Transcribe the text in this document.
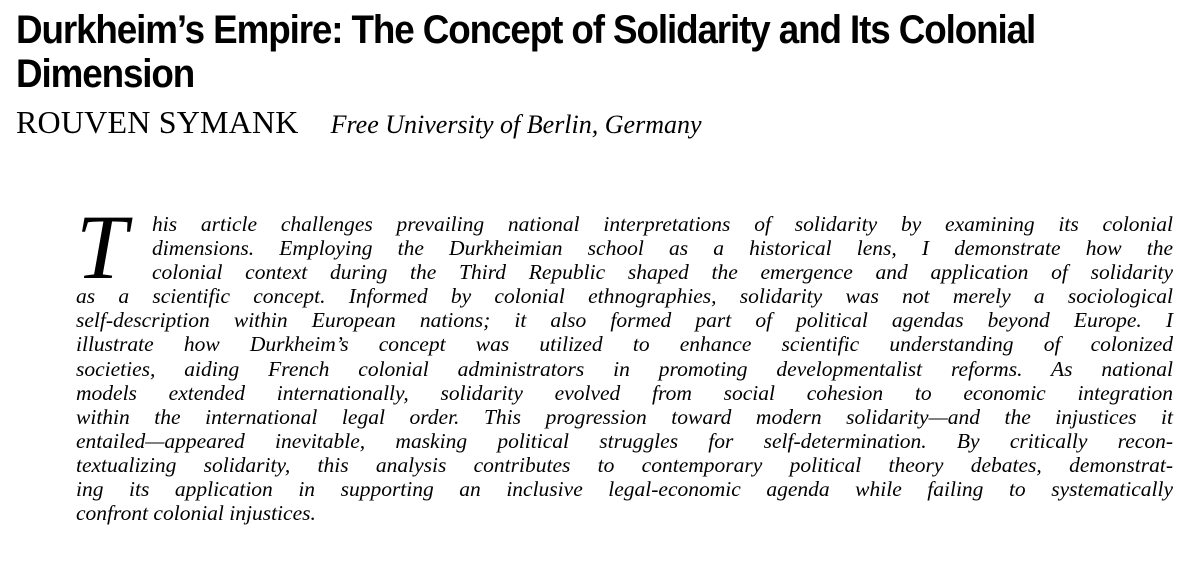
Durkheim’s Empire: The Concept of Solidarity and Its Colonial Dimension
ROUVEN SYMANK Free University of Berlin, Germany
T	his article challenges prevailing national interpretations of solidarity by examining its colonial
dimensions. Employing the Durkheimian school as a historical lens, I demonstrate how the
colonial context during the Third Republic shaped the emergence and application of solidarity
as a scientific concept. Informed by colonial ethnographies, solidarity was not merely a sociological
self-description within European nations; it also formed part of political agendas beyond Europe. I
illustrate how Durkheim’s concept was utilized to enhance scientific understanding of colonized
societies, aiding French colonial administrators in promoting developmentalist reforms. As national
models extended internationally, solidarity evolved from social cohesion to economic integration
within the international legal order. This progression toward modern solidarity—and the injustices it
entailed—appeared inevitable, masking political struggles for self-determination. By critically recon-
textualizing solidarity, this analysis contributes to contemporary political theory debates, demonstrat-
ing its application in supporting an inclusive legal-economic agenda while failing to systematically
confront colonial injustices.
